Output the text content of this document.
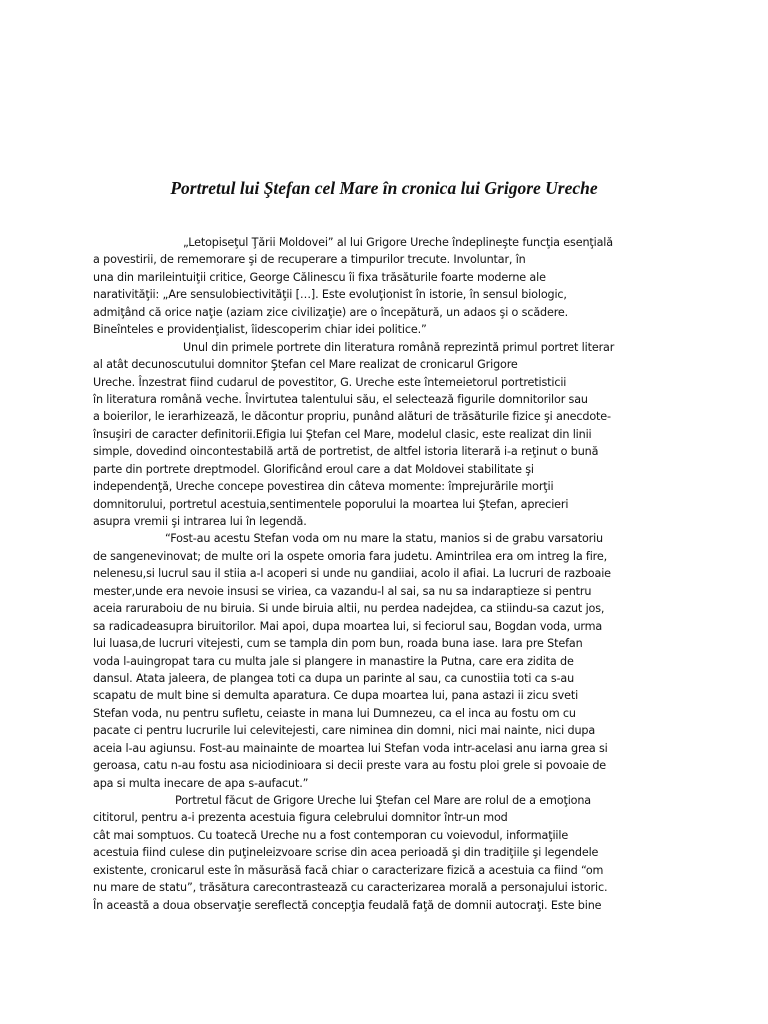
Portretul lui Ştefan cel Mare în cronica lui Grigore Ureche
„Letopiseţul Ţării Moldovei” al lui Grigore Ureche îndeplineşte funcţia esenţială
a povestirii, de rememorare şi de recuperare a timpurilor trecute. Involuntar, în
una din marileintuiţii critice, George Călinescu îi fixa trăsăturile foarte moderne ale
narativităţii: „Are sensulobiectivităţii […]. Este evoluţionist în istorie, în sensul biologic,
admiţând că orice naţie (aziam zice civilizaţie) are o începătură, un adaos şi o scădere.
Bineînteles e providenţialist, îidescoperim chiar idei politice.”
Unul din primele portrete din literatura română reprezintă primul portret literar
al atât decunoscutului domnitor Ştefan cel Mare realizat de cronicarul Grigore
Ureche. Înzestrat fiind cudarul de povestitor, G. Ureche este întemeietorul portretisticii
în literatura română veche. Învirtutea talentului său, el selectează figurile domnitorilor sau
a boierilor, le ierarhizează, le dăcontur propriu, punând alături de trăsăturile fizice şi anecdote-
însuşiri de caracter definitorii.Efigia lui Ştefan cel Mare, modelul clasic, este realizat din linii
simple, dovedind oincontestabilă artă de portretist, de altfel istoria literară i-a reţinut o bună
parte din portrete dreptmodel. Glorificând eroul care a dat Moldovei stabilitate şi
independenţă, Ureche concepe povestirea din câteva momente: împrejurările morţii
domnitorului, portretul acestuia,sentimentele poporului la moartea lui Ştefan, aprecieri
asupra vremii şi intrarea lui în legendă.
“Fost-au acestu Stefan voda om nu mare la statu, manios si de grabu varsatoriu
de sangenevinovat; de multe ori la ospete omoria fara judetu. Amintrilea era om intreg la fire,
nelenesu,si lucrul sau il stiia a-l acoperi si unde nu gandiiai, acolo il afiai. La lucruri de razboaie
mester,unde era nevoie insusi se viriea, ca vazandu-l al sai, sa nu sa indaraptieze si pentru
aceia raruraboiu de nu biruia. Si unde biruia altii, nu perdea nadejdea, ca stiindu-sa cazut jos,
sa radicadeasupra biruitorilor. Mai apoi, dupa moartea lui, si feciorul sau, Bogdan voda, urma
lui luasa,de lucruri vitejesti, cum se tampla din pom bun, roada buna iase. Iara pre Stefan
voda l-auingropat tara cu multa jale si plangere in manastire la Putna, care era zidita de
dansul. Atata jaleera, de plangea toti ca dupa un parinte al sau, ca cunostiia toti ca s-au
scapatu de mult bine si demulta aparatura. Ce dupa moartea lui, pana astazi ii zicu sveti
Stefan voda, nu pentru sufletu, ceiaste in mana lui Dumnezeu, ca el inca au fostu om cu
pacate ci pentru lucrurile lui celevitejesti, care niminea din domni, nici mai nainte, nici dupa
aceia l-au agiunsu. Fost-au mainainte de moartea lui Stefan voda intr-acelasi anu iarna grea si
geroasa, catu n-au fostu asa niciodinioara si decii preste vara au fostu ploi grele si povoaie de
apa si multa inecare de apa s-aufacut.”
Portretul făcut de Grigore Ureche lui Ştefan cel Mare are rolul de a emoţiona
cititorul, pentru a-i prezenta acestuia figura celebrului domnitor într-un mod
cât mai somptuos. Cu toatecă Ureche nu a fost contemporan cu voievodul, informaţiile
acestuia fiind culese din puţineleizvoare scrise din acea perioadă şi din tradiţiile şi legendele
existente, cronicarul este în măsurăsă facă chiar o caracterizare fizică a acestuia ca fiind “om
nu mare de statu”, trăsătura carecontrastează cu caracterizarea morală a personajului istoric.
În această a doua observaţie sereflectă concepţia feudală faţă de domnii autocraţi. Este bine
